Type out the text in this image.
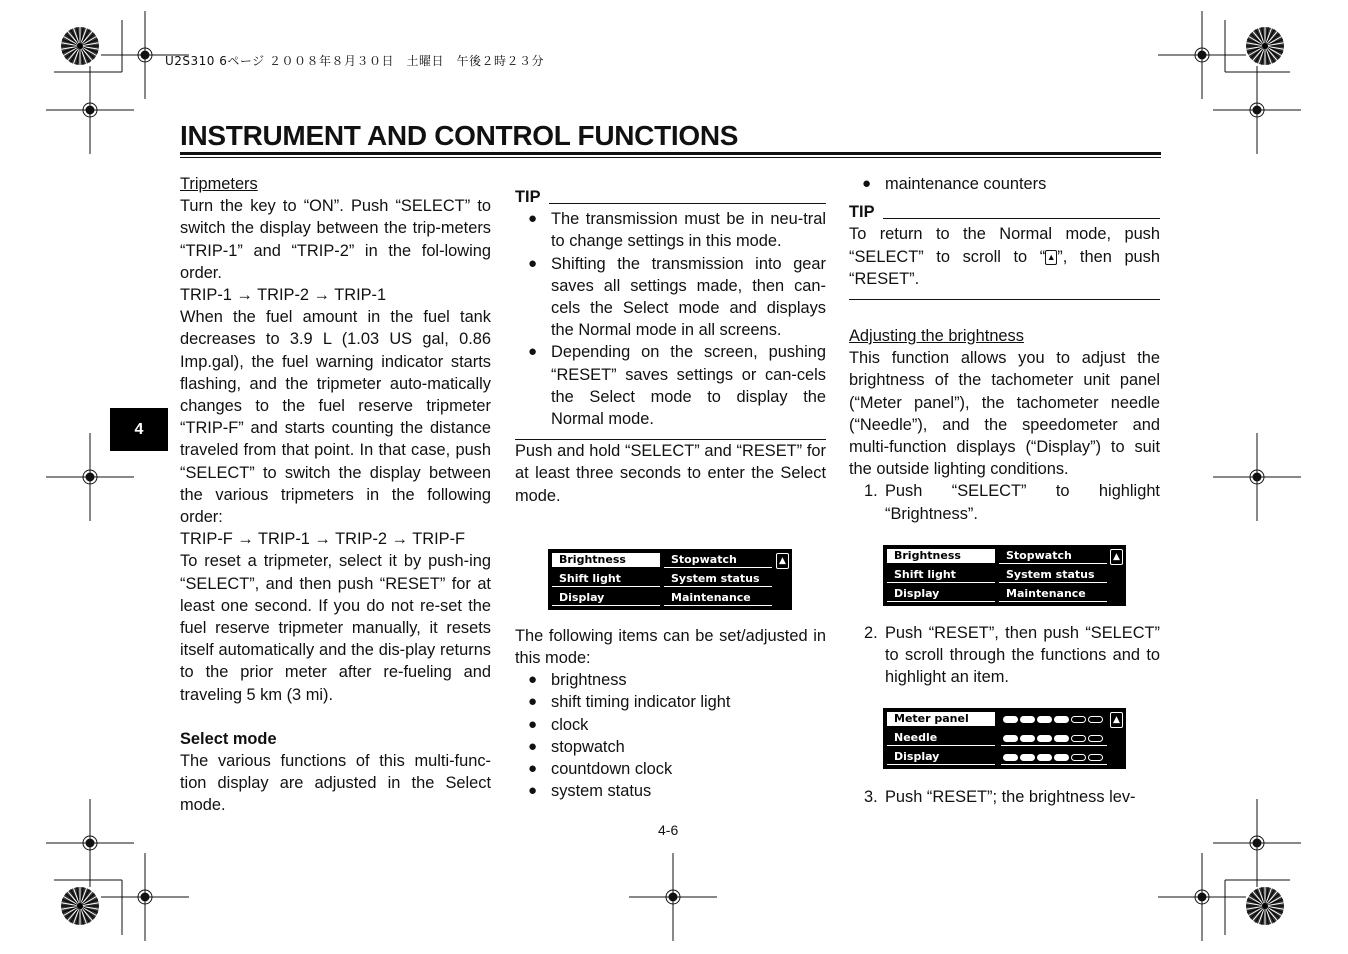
U2S310 6ページ ２００８年８月３０日　土曜日　午後２時２３分
INSTRUMENT AND CONTROL FUNCTIONS
4

Tripmeters

Turn the key to “ON”. Push “SELECT” to switch the display between the trip-meters “TRIP-1” and “TRIP-2” in the fol-lowing order.

TRIP-1 → TRIP-2 → TRIP-1

When the fuel amount in the fuel tank decreases to 3.9 L (1.03 US gal, 0.86 Imp.gal), the fuel warning indicator starts flashing, and the tripmeter auto-matically changes to the fuel reserve tripmeter “TRIP-F” and starts counting the distance traveled from that point. In that case, push “SELECT” to switch the display between the various tripmeters in the following order:

TRIP-F → TRIP-1 → TRIP-2 → TRIP-F

To reset a tripmeter, select it by push-ing “SELECT”, and then push “RESET” for at least one second. If you do not re-set the fuel reserve tripmeter manually, it resets itself automatically and the dis-play returns to the prior meter after re-fueling and traveling 5 km (3 mi).

Select mode

The various functions of this multi-func-tion display are adjusted in the Select mode.

TIP
● The transmission must be in neu-tral to change settings in this mode.
● Shifting the transmission into gear saves all settings made, then can-cels the Select mode and displays the Normal mode in all screens.
● Depending on the screen, pushing “RESET” saves settings or can-cels the Select mode to display the Normal mode.

Push and hold “SELECT” and “RESET” for at least three seconds to enter the Select mode.

The following items can be set/adjusted in this mode:

● brightness
● shift timing indicator light
● clock
● stopwatch
● countdown clock
● system status
Brightness
Shift light
Display
Stopwatch
System status
Maintenance
▲
● maintenance counters
TIP

To return to the Normal mode, push “SELECT” to scroll to “ ▲”, then push “RESET”.

Adjusting the brightness

This function allows you to adjust the brightness of the tachometer unit panel (“Meter panel”), the tachometer needle (“Needle”), and the speedometer and multi-function displays (“Display”) to suit the outside lighting conditions.

1. Push “SELECT” to highlight “Brightness”.
2. Push “RESET”, then push “SELECT” to scroll through the functions and to highlight an item.
3. Push “RESET”; the brightness lev-
Brightness
Shift light
Display
Stopwatch
System status
Maintenance
▲
Meter panel
Needle
Display
▲
4-6
